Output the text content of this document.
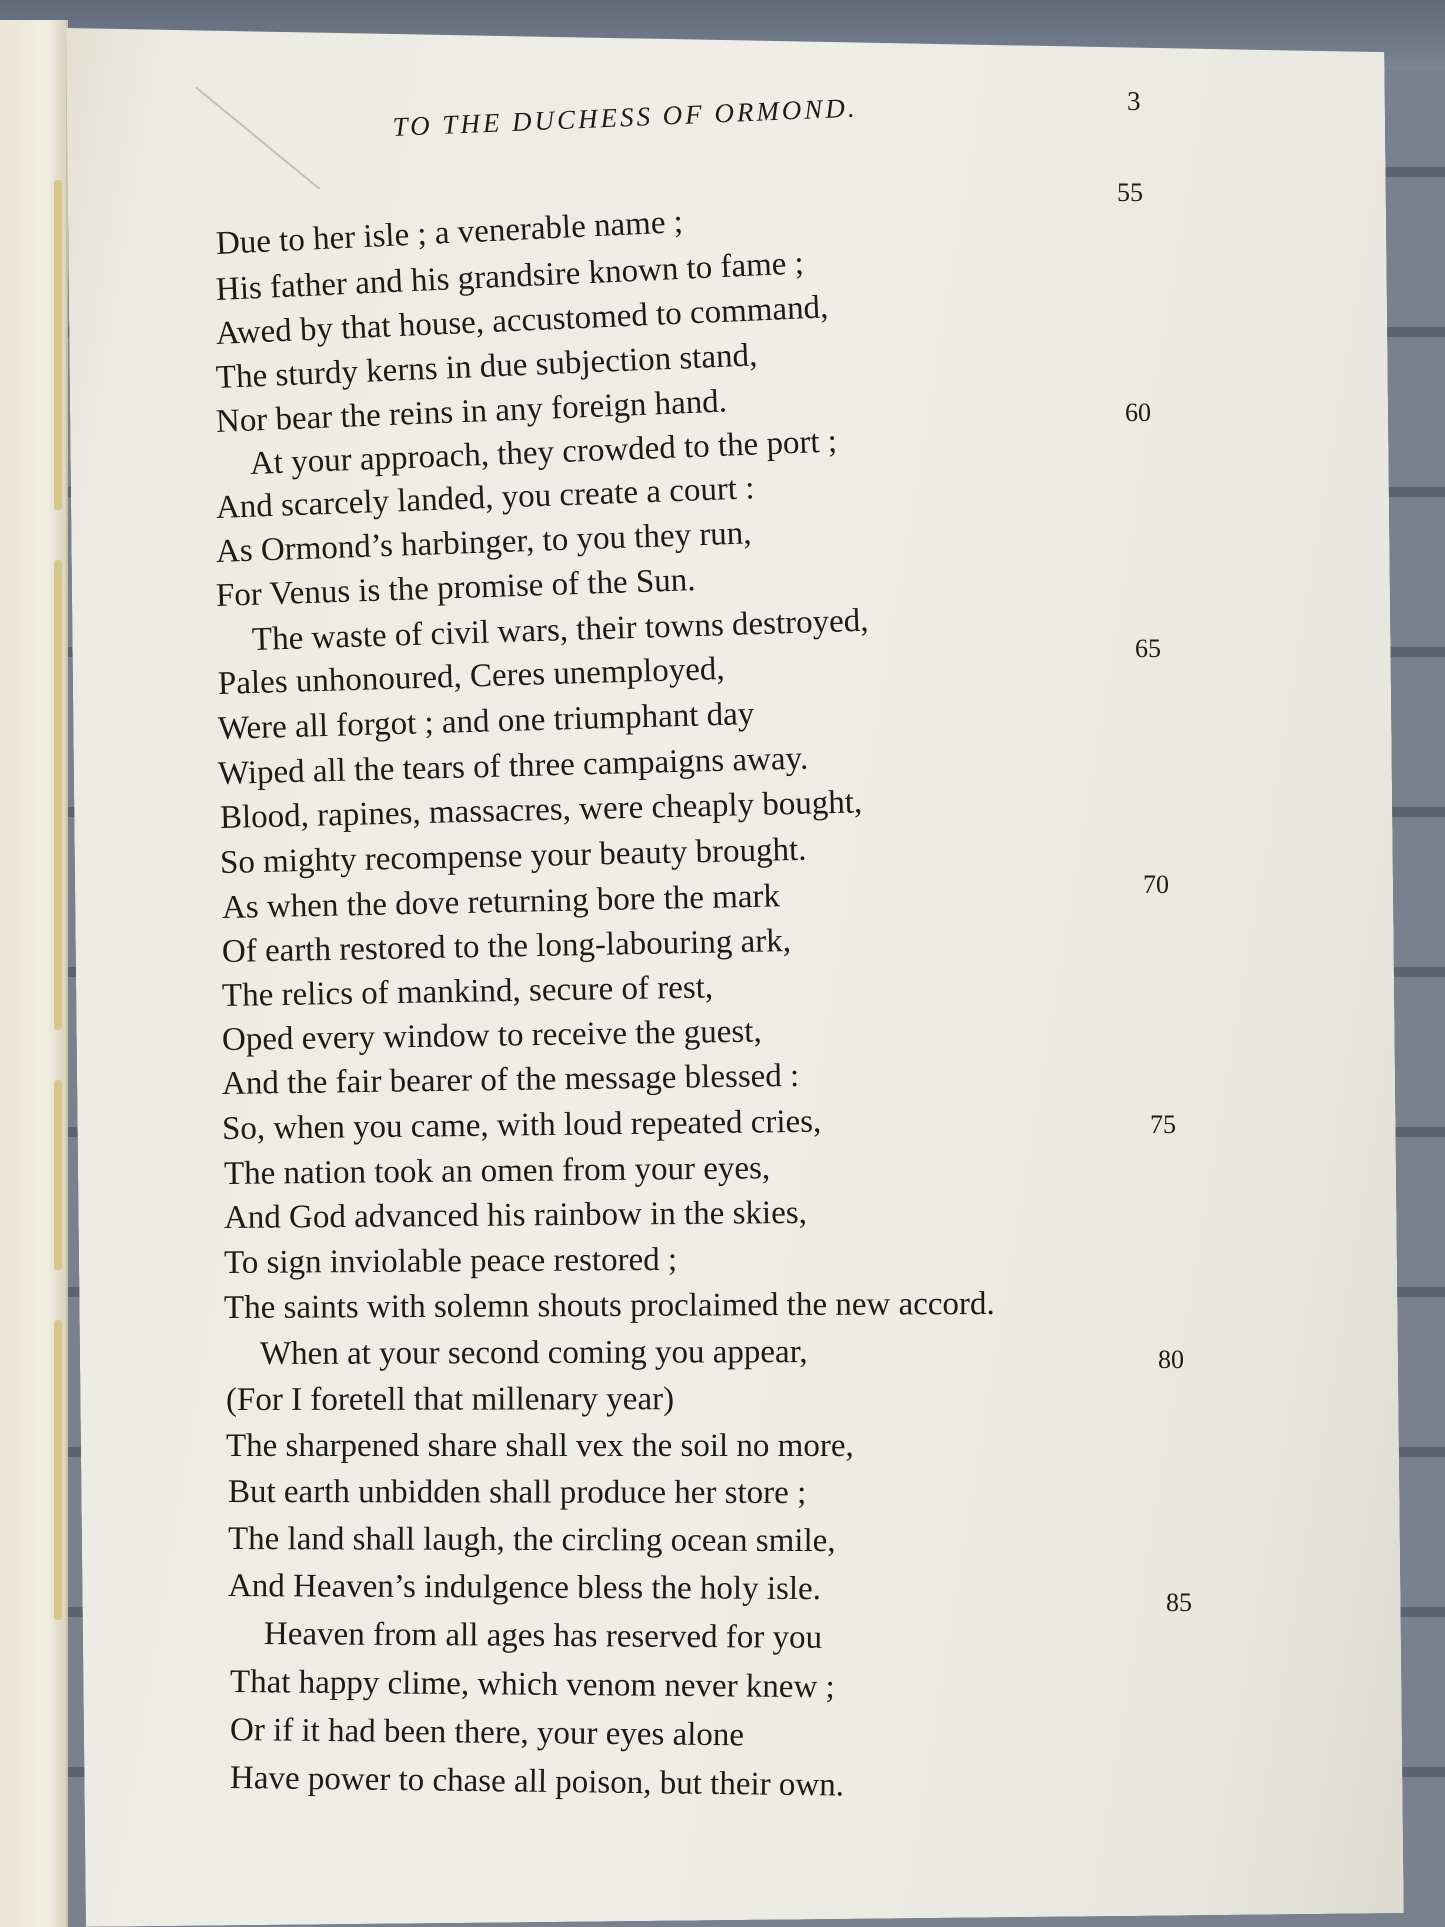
TO THE DUCHESS OF ORMOND.	3
Due to her isle ; a venerable name ;
His father and his grandsire known to fame ;
Awed by that house, accustomed to command,
The sturdy kerns in due subjection stand,
Nor bear the reins in any foreign hand.
At your approach, they crowded to the port ;
And scarcely landed, you create a court :
As Ormond’s harbinger, to you they run,
For Venus is the promise of the Sun.
The waste of civil wars, their towns destroyed,
Pales unhonoured, Ceres unemployed,
Were all forgot ; and one triumphant day
Wiped all the tears of three campaigns away.
Blood, rapines, massacres, were cheaply bought,
So mighty recompense your beauty brought.
As when the dove returning bore the mark
Of earth restored to the long-labouring ark,
The relics of mankind, secure of rest,
Oped every window to receive the guest,
And the fair bearer of the message blessed :
So, when you came, with loud repeated cries,
The nation took an omen from your eyes,
And God advanced his rainbow in the skies,
To sign inviolable peace restored ;
The saints with solemn shouts proclaimed the new accord.
When at your second coming you appear,
(For I foretell that millenary year)
The sharpened share shall vex the soil no more,
But earth unbidden shall produce her store ;
The land shall laugh, the circling ocean smile,
And Heaven’s indulgence bless the holy isle.
Heaven from all ages has reserved for you
That happy clime, which venom never knew ;
Or if it had been there, your eyes alone
Have power to chase all poison, but their own.
55
60
65
70
75
80
85
